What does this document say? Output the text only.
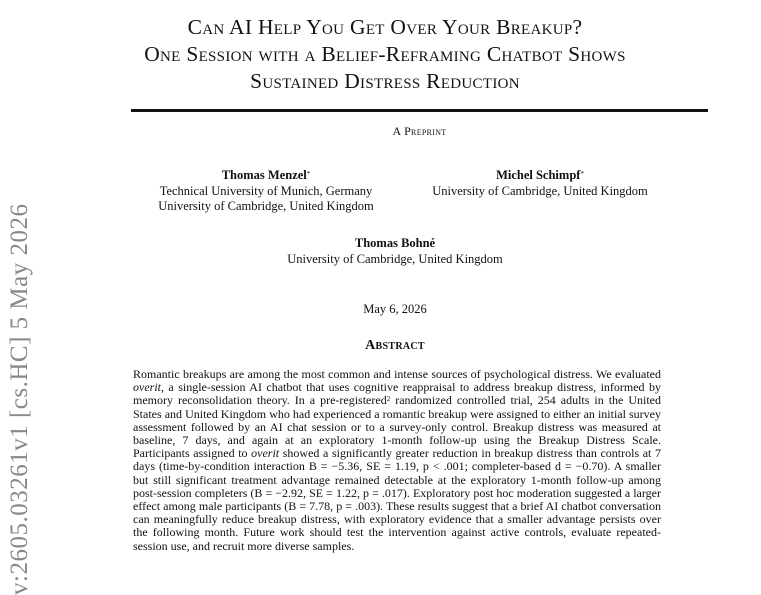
Can AI Help You Get Over Your Breakup?
One Session with a Belief-Reframing Chatbot Shows
Sustained Distress Reduction
A Preprint
Thomas Menzel*
Technical University of Munich, Germany
University of Cambridge, United Kingdom
Michel Schimpf*
University of Cambridge, United Kingdom
Thomas Bohné
University of Cambridge, United Kingdom
May 6, 2026
Abstract
Romantic breakups are among the most common and intense sources of psychological distress. We evaluated overit, a single-session AI chatbot that uses cognitive reappraisal to address breakup distress, informed by memory reconsolidation theory. In a pre-registered$^2$ randomized controlled trial, 254 adults in the United States and United Kingdom who had experienced a romantic breakup were assigned to either an initial survey assessment followed by an AI chat session or to a survey-only control. Breakup distress was measured at baseline, 7 days, and again at an exploratory 1-month follow-up using the Breakup Distress Scale. Participants assigned to overit showed a significantly greater reduction in breakup distress than controls at 7 days (time-by-condition interaction B = −5.36, SE = 1.19, p < .001; completer-based d = −0.70). A smaller but still significant treatment advantage remained detectable at the exploratory 1-month follow-up among post-session completers (B = −2.92, SE = 1.22, p = .017). Exploratory post hoc moderation suggested a larger effect among male participants (B = 7.78, p = .003). These results suggest that a brief AI chatbot conversation can meaningfully reduce breakup distress, with exploratory evidence that a smaller advantage persists over the following month. Future work should test the intervention against active controls, evaluate repeated-session use, and recruit more diverse samples.
v:2605.03261v1 [cs.HC] 5 May 2026
